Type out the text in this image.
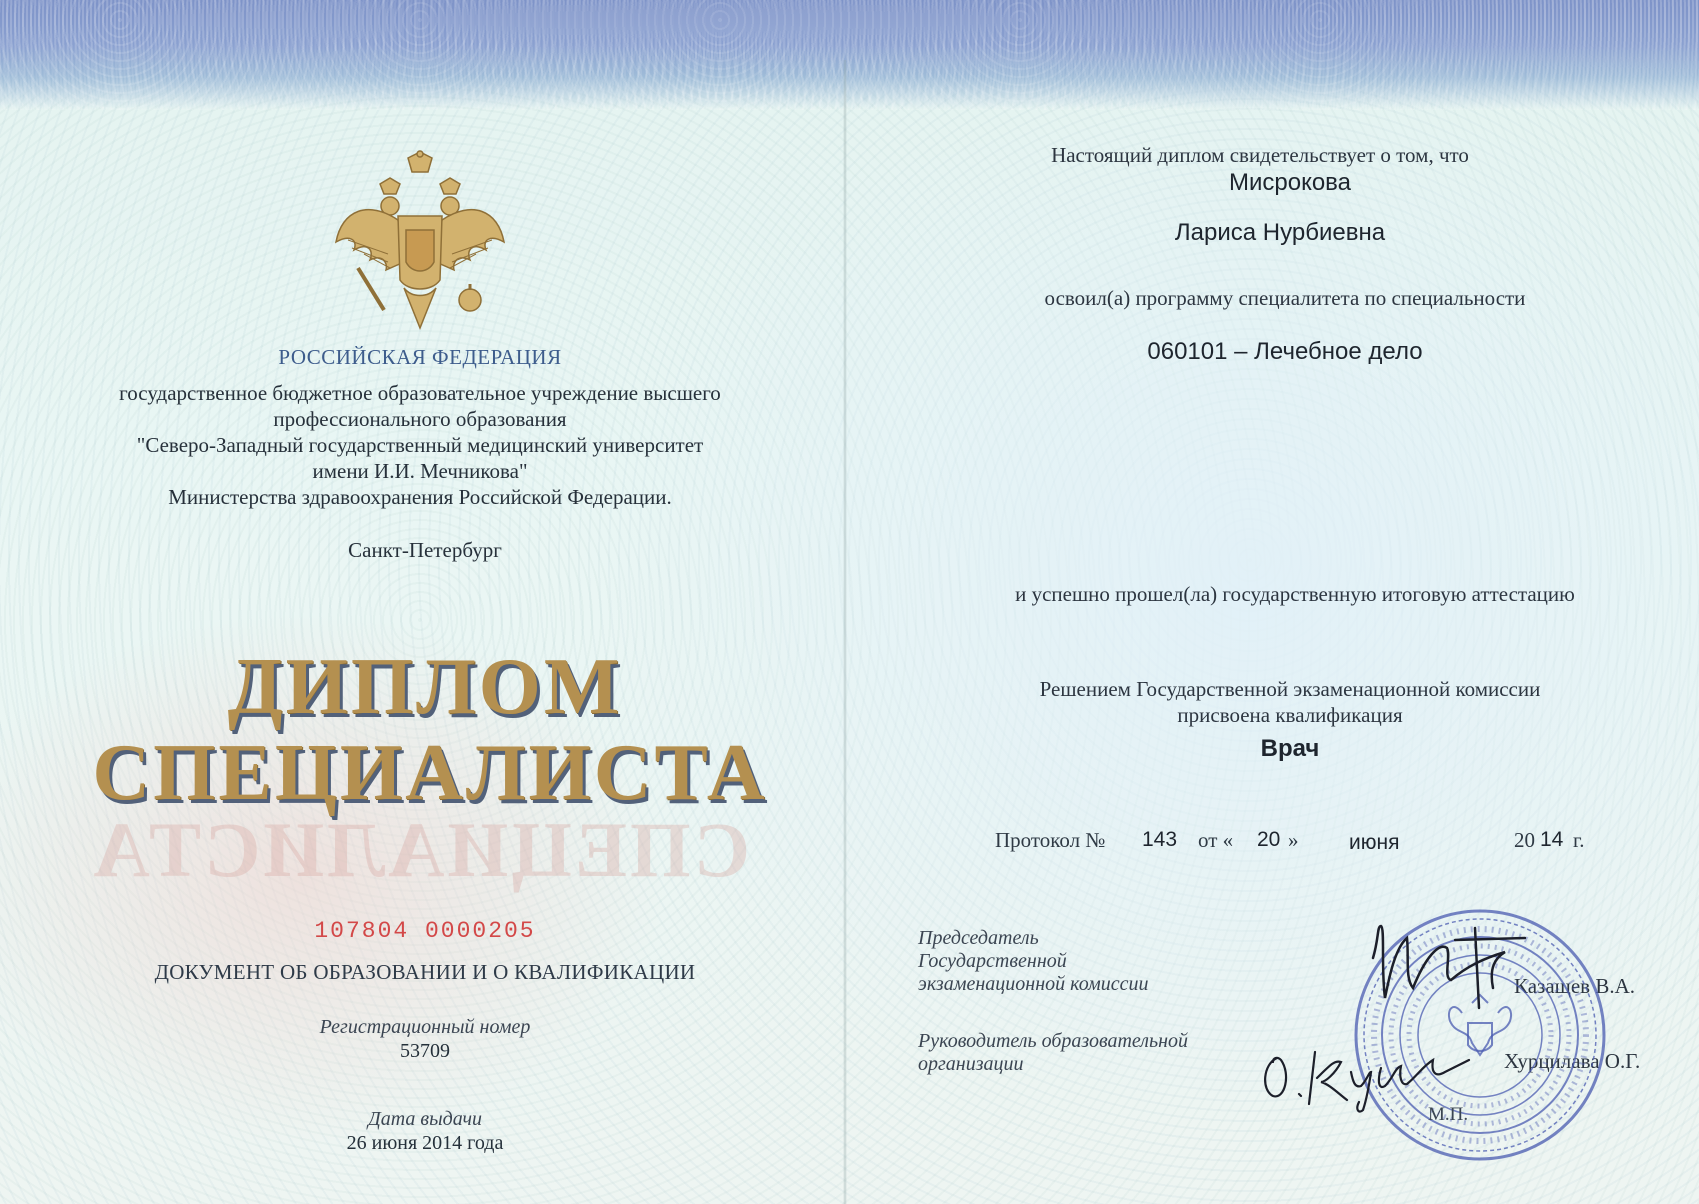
РОССИЙСКАЯ ФЕДЕРАЦИЯ
государственное бюджетное образовательное учреждение высшего
профессионального образования
"Северо-Западный государственный медицинский университет
имени И.И. Мечникова"
Министерства здравоохранения Российской Федерации.
Санкт-Петербург
ДИПЛОМ
СПЕЦИАЛИСТА
СПЕЦИАЛИСТА
107804 0000205
ДОКУМЕНТ ОБ ОБРАЗОВАНИИ И О КВАЛИФИКАЦИИ
Регистрационный номер
53709
Дата выдачи
26 июня 2014 года
Настоящий диплом свидетельствует о том, что
Мисрокова
Лариса Нурбиевна
освоил(а) программу специалитета по специальности
060101 – Лечебное дело
и успешно прошел(ла) государственную итоговую аттестацию
Решением Государственной экзаменационной комиссии
присвоена квалификация
Врач
Протокол № 143 от « 20 » июня	20 14 г.
Председатель
Государственной
экзаменационной комиссии	Казащев В.А.
Руководитель образовательной
организации	Хурцилава О.Г.
М.П.
